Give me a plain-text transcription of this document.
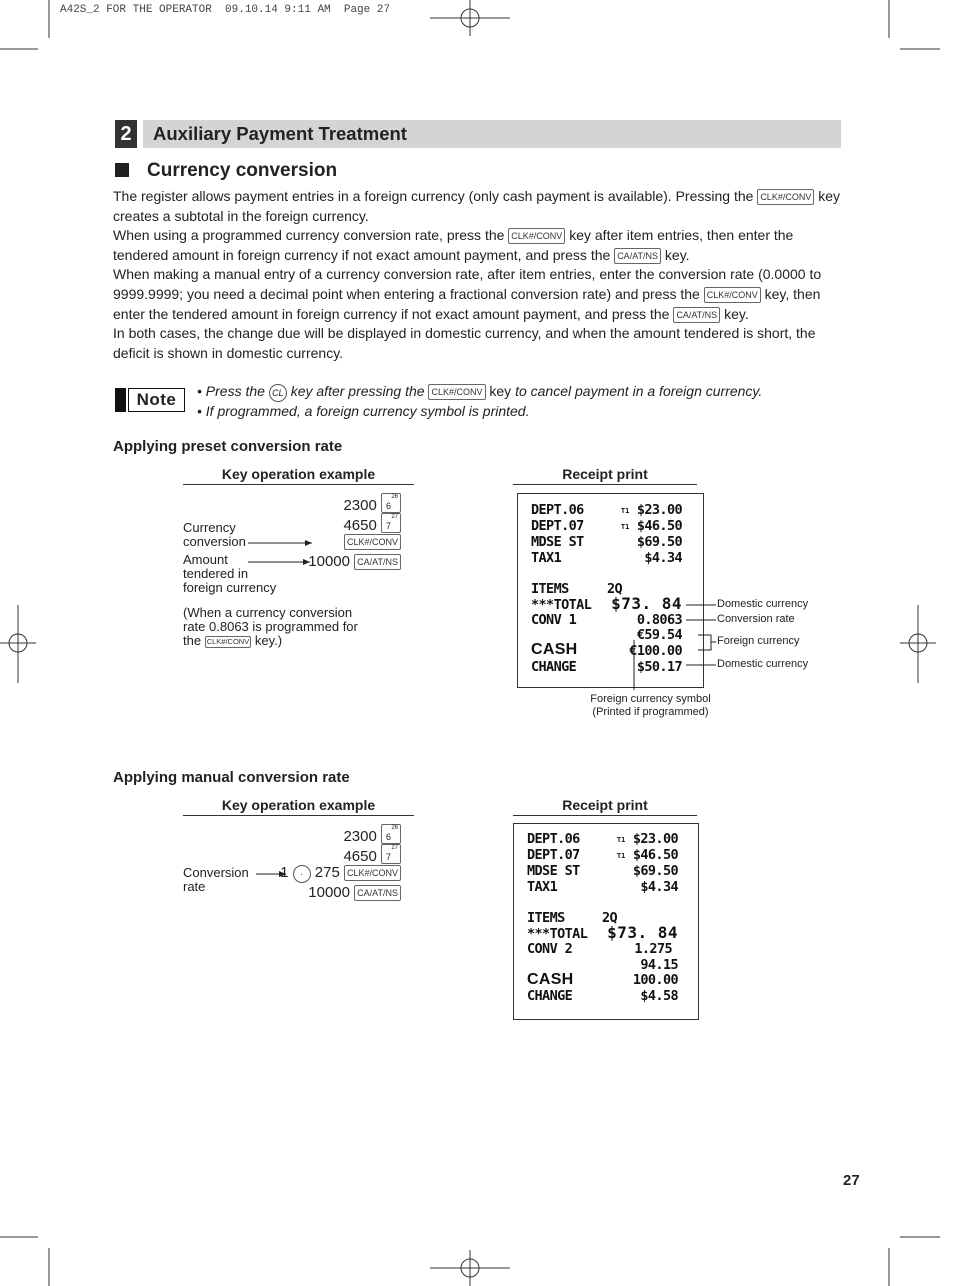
A42S_2 FOR THE OPERATOR  09.10.14 9:11 AM  Page 27
2 Auxiliary Payment Treatment
Currency conversion

The register allows payment entries in a foreign currency (only cash payment is available). Pressing the CLK#/CONV key creates a subtotal in the foreign currency.

When using a programmed currency conversion rate, press the CLK#/CONV key after item entries, then enter the tendered amount in foreign currency if not exact amount payment, and press the CA/AT/NS key.

When making a manual entry of a currency conversion rate, after item entries, enter the conversion rate (0.0000 to 9999.9999; you need a decimal point when entering a fractional conversion rate) and press the CLK#/CONV key, then enter the tendered amount in foreign currency if not exact amount payment, and press the CA/AT/NS key.

In both cases, the change due will be displayed in domestic currency, and when the amount tendered is short, the deficit is shown in domestic currency.

Note	• Press the CL key after pressing the CLK#/CONV key to cancel payment in a foreign currency.
• If programmed, a foreign currency symbol is printed.
Applying preset conversion rate
Key operation example	Receipt print
2300 26
6
4650 27
7
CLK#/CONV
10000 CA/AT/NS
Currency
conversion
Amount
tendered in
foreign currency
(When a currency conversion
rate 0.8063 is programmed for
the CLK#/CONV key.)
DEPT.06	T1 $23.00
DEPT.07	T1 $46.50
MDSE ST	$69.50
TAX1	$4.34
ITEMS	2Q
***TOTAL	$73. 84
CONV 1	0.8063
€59.54
CASH	€100.00
CHANGE	$50.17
Domestic currency
Conversion rate
Foreign currency
Domestic currency
Foreign currency symbol
(Printed if programmed)
Applying manual conversion rate
Key operation example	Receipt print
2300 26
6
4650 27
7
1 · 275 CLK#/CONV
10000 CA/AT/NS
Conversion
rate
DEPT.06	T1 $23.00
DEPT.07	T1 $46.50
MDSE ST	$69.50
TAX1	$4.34
ITEMS	2Q
***TOTAL	$73. 84
CONV 2	1.275
94.15
CASH	100.00
CHANGE	$4.58
27
